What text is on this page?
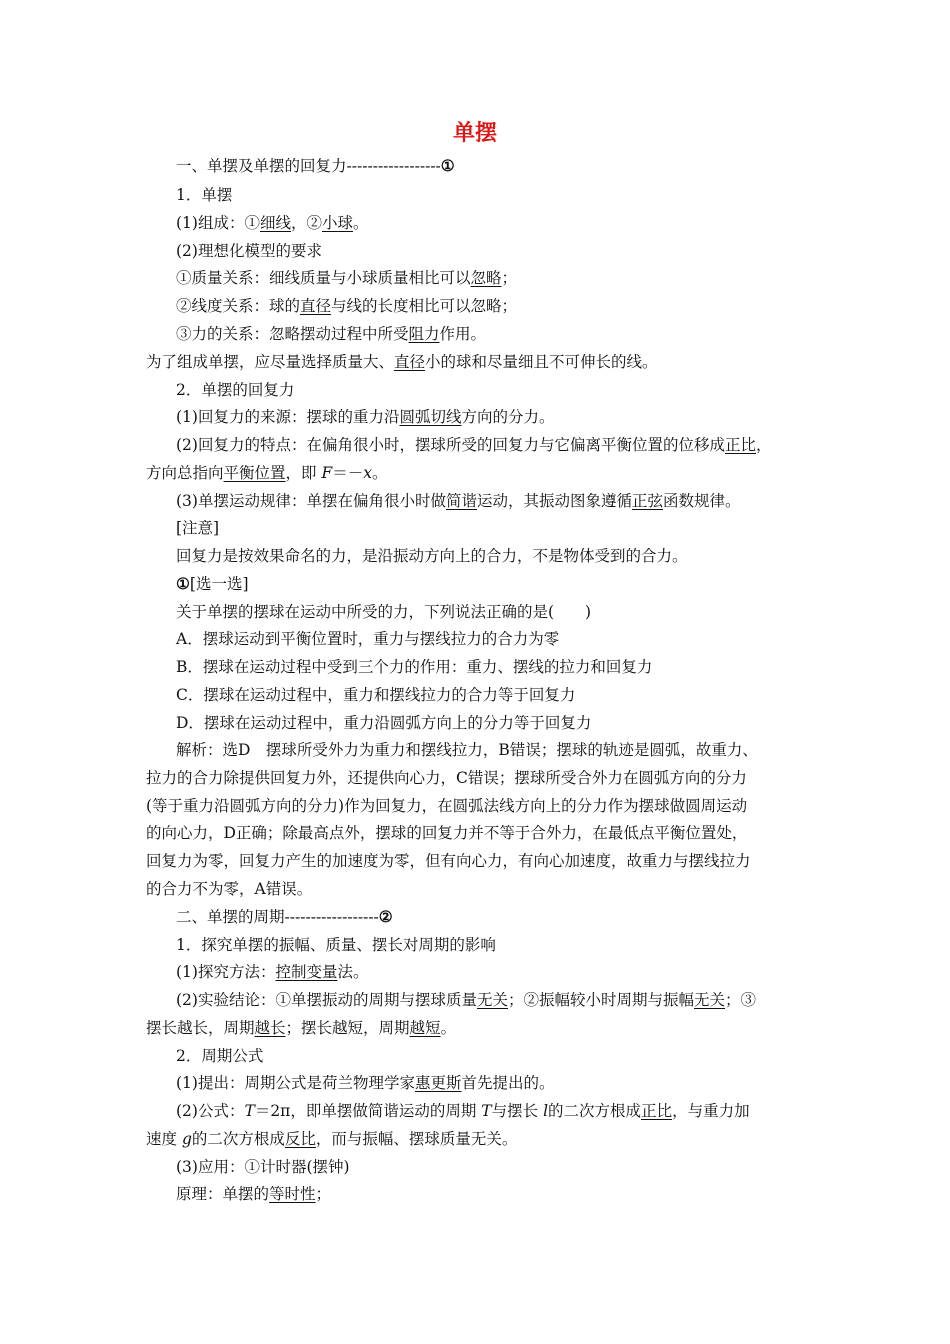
单摆
一、单摆及单摆的回复力------------------①
1．单摆
(1)组成：①细线，②小球。
(2)理想化模型的要求
①质量关系：细线质量与小球质量相比可以忽略；
②线度关系：球的直径与线的长度相比可以忽略；
③力的关系：忽略摆动过程中所受阻力作用。
为了组成单摆，应尽量选择质量大、直径小的球和尽量细且不可伸长的线。
2．单摆的回复力
(1)回复力的来源：摆球的重力沿圆弧切线方向的分力。
(2)回复力的特点：在偏角很小时，摆球所受的回复力与它偏离平衡位置的位移成正比，
方向总指向平衡位置，即 F＝－x。
(3)单摆运动规律：单摆在偏角很小时做简谐运动，其振动图象遵循正弦函数规律。
[注意]
回复力是按效果命名的力，是沿振动方向上的合力，不是物体受到的合力。
①[选一选]
关于单摆的摆球在运动中所受的力，下列说法正确的是(　　)
A．摆球运动到平衡位置时，重力与摆线拉力的合力为零
B．摆球在运动过程中受到三个力的作用：重力、摆线的拉力和回复力
C．摆球在运动过程中，重力和摆线拉力的合力等于回复力
D．摆球在运动过程中，重力沿圆弧方向上的分力等于回复力
解析：选D　摆球所受外力为重力和摆线拉力，B错误；摆球的轨迹是圆弧，故重力、
拉力的合力除提供回复力外，还提供向心力，C错误；摆球所受合外力在圆弧方向的分力
(等于重力沿圆弧方向的分力)作为回复力，在圆弧法线方向上的分力作为摆球做圆周运动
的向心力，D正确；除最高点外，摆球的回复力并不等于合外力，在最低点平衡位置处，
回复力为零，回复力产生的加速度为零，但有向心力，有向心加速度，故重力与摆线拉力
的合力不为零，A错误。
二、单摆的周期------------------②
1．探究单摆的振幅、质量、摆长对周期的影响
(1)探究方法：控制变量法。
(2)实验结论：①单摆振动的周期与摆球质量无关；②振幅较小时周期与振幅无关；③
摆长越长，周期越长；摆长越短，周期越短。
2．周期公式
(1)提出：周期公式是荷兰物理学家惠更斯首先提出的。
(2)公式：T＝2π，即单摆做简谐运动的周期 T与摆长 l的二次方根成正比，与重力加
速度 g的二次方根成反比，而与振幅、摆球质量无关。
(3)应用：①计时器(摆钟)
原理：单摆的等时性；
